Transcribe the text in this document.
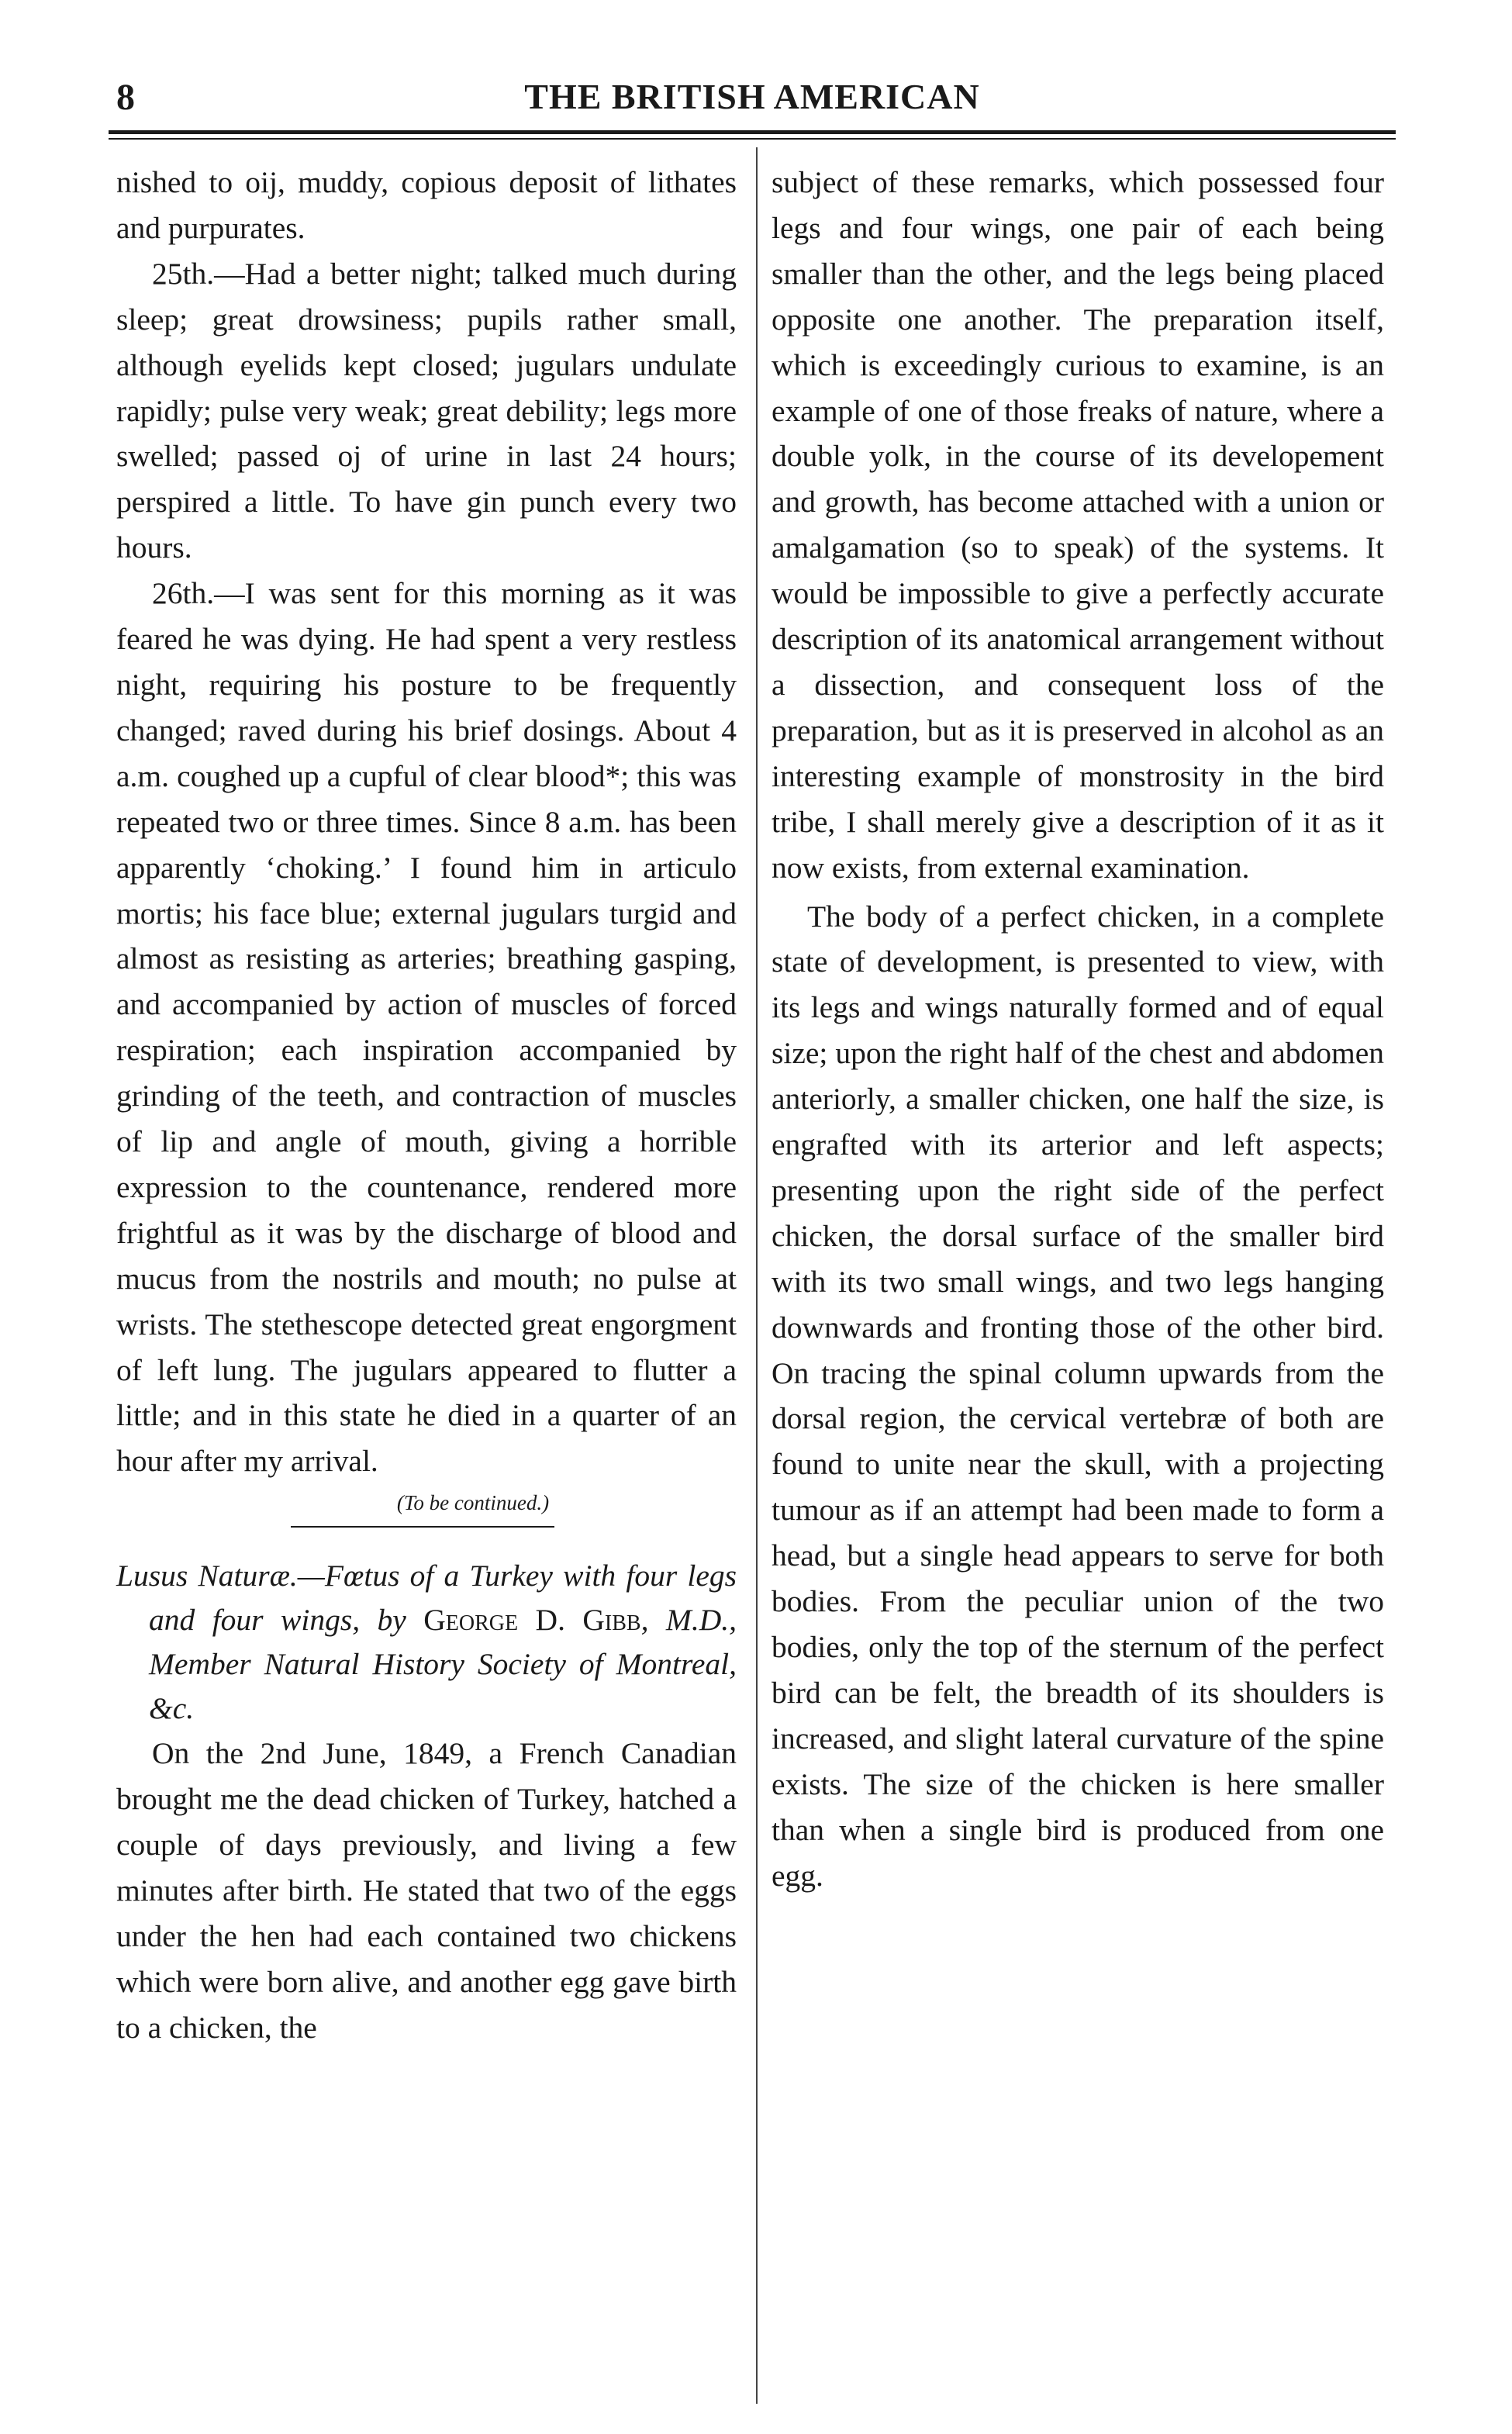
8	THE BRITISH AMERICAN

nished to oij, muddy, copious deposit of lithates and purpurates.

25th.—Had a better night; talked much during sleep; great drowsiness; pupils rather small, although eyelids kept closed; jugulars undulate rapidly; pulse very weak; great debility; legs more swelled; passed oj of urine in last 24 hours; perspired a little. To have gin punch every two hours.

26th.—I was sent for this morning as it was feared he was dying. He had spent a very restless night, requiring his posture to be frequently changed; raved during his brief dosings. About 4 a.m. coughed up a cupful of clear blood*; this was repeated two or three times. Since 8 a.m. has been apparently ‘choking.’ I found him in articulo mortis; his face blue; external jugulars turgid and almost as resisting as arteries; breathing gasping, and accompanied by action of muscles of forced respiration; each inspiration accompanied by grinding of the teeth, and contraction of muscles of lip and angle of mouth, giving a horrible expression to the countenance, rendered more frightful as it was by the discharge of blood and mucus from the nostrils and mouth; no pulse at wrists. The stethescope detected great engorgment of left lung. The jugulars appeared to flutter a little; and in this state he died in a quarter of an hour after my arrival.

(To be continued.)

Lusus Naturæ.—Fœtus of a Turkey with four legs and four wings, by George D. Gibb, M.D., Member Natural History Society of Montreal, &c.

On the 2nd June, 1849, a French Canadian brought me the dead chicken of Turkey, hatched a couple of days previously, and living a few minutes after birth. He stated that two of the eggs under the hen had each contained two chickens which were born alive, and another egg gave birth to a chicken, the

subject of these remarks, which possessed four legs and four wings, one pair of each being smaller than the other, and the legs being placed opposite one another. The preparation itself, which is exceedingly curious to examine, is an example of one of those freaks of nature, where a double yolk, in the course of its developement and growth, has become attached with a union or amalgamation (so to speak) of the systems. It would be impossible to give a perfectly accurate description of its anatomical arrangement without a dissection, and consequent loss of the preparation, but as it is preserved in alcohol as an interesting example of monstrosity in the bird tribe, I shall merely give a description of it as it now exists, from external examination.

The body of a perfect chicken, in a complete state of development, is presented to view, with its legs and wings naturally formed and of equal size; upon the right half of the chest and abdomen anteriorly, a smaller chicken, one half the size, is engrafted with its arterior and left aspects; presenting upon the right side of the perfect chicken, the dorsal surface of the smaller bird with its two small wings, and two legs hanging downwards and fronting those of the other bird. On tracing the spinal column upwards from the dorsal region, the cervical vertebræ of both are found to unite near the skull, with a projecting tumour as if an attempt had been made to form a head, but a single head appears to serve for both bodies. From the peculiar union of the two bodies, only the top of the sternum of the perfect bird can be felt, the breadth of its shoulders is increased, and slight lateral curvature of the spine exists. The size of the chicken is here smaller than when a single bird is produced from one egg.
